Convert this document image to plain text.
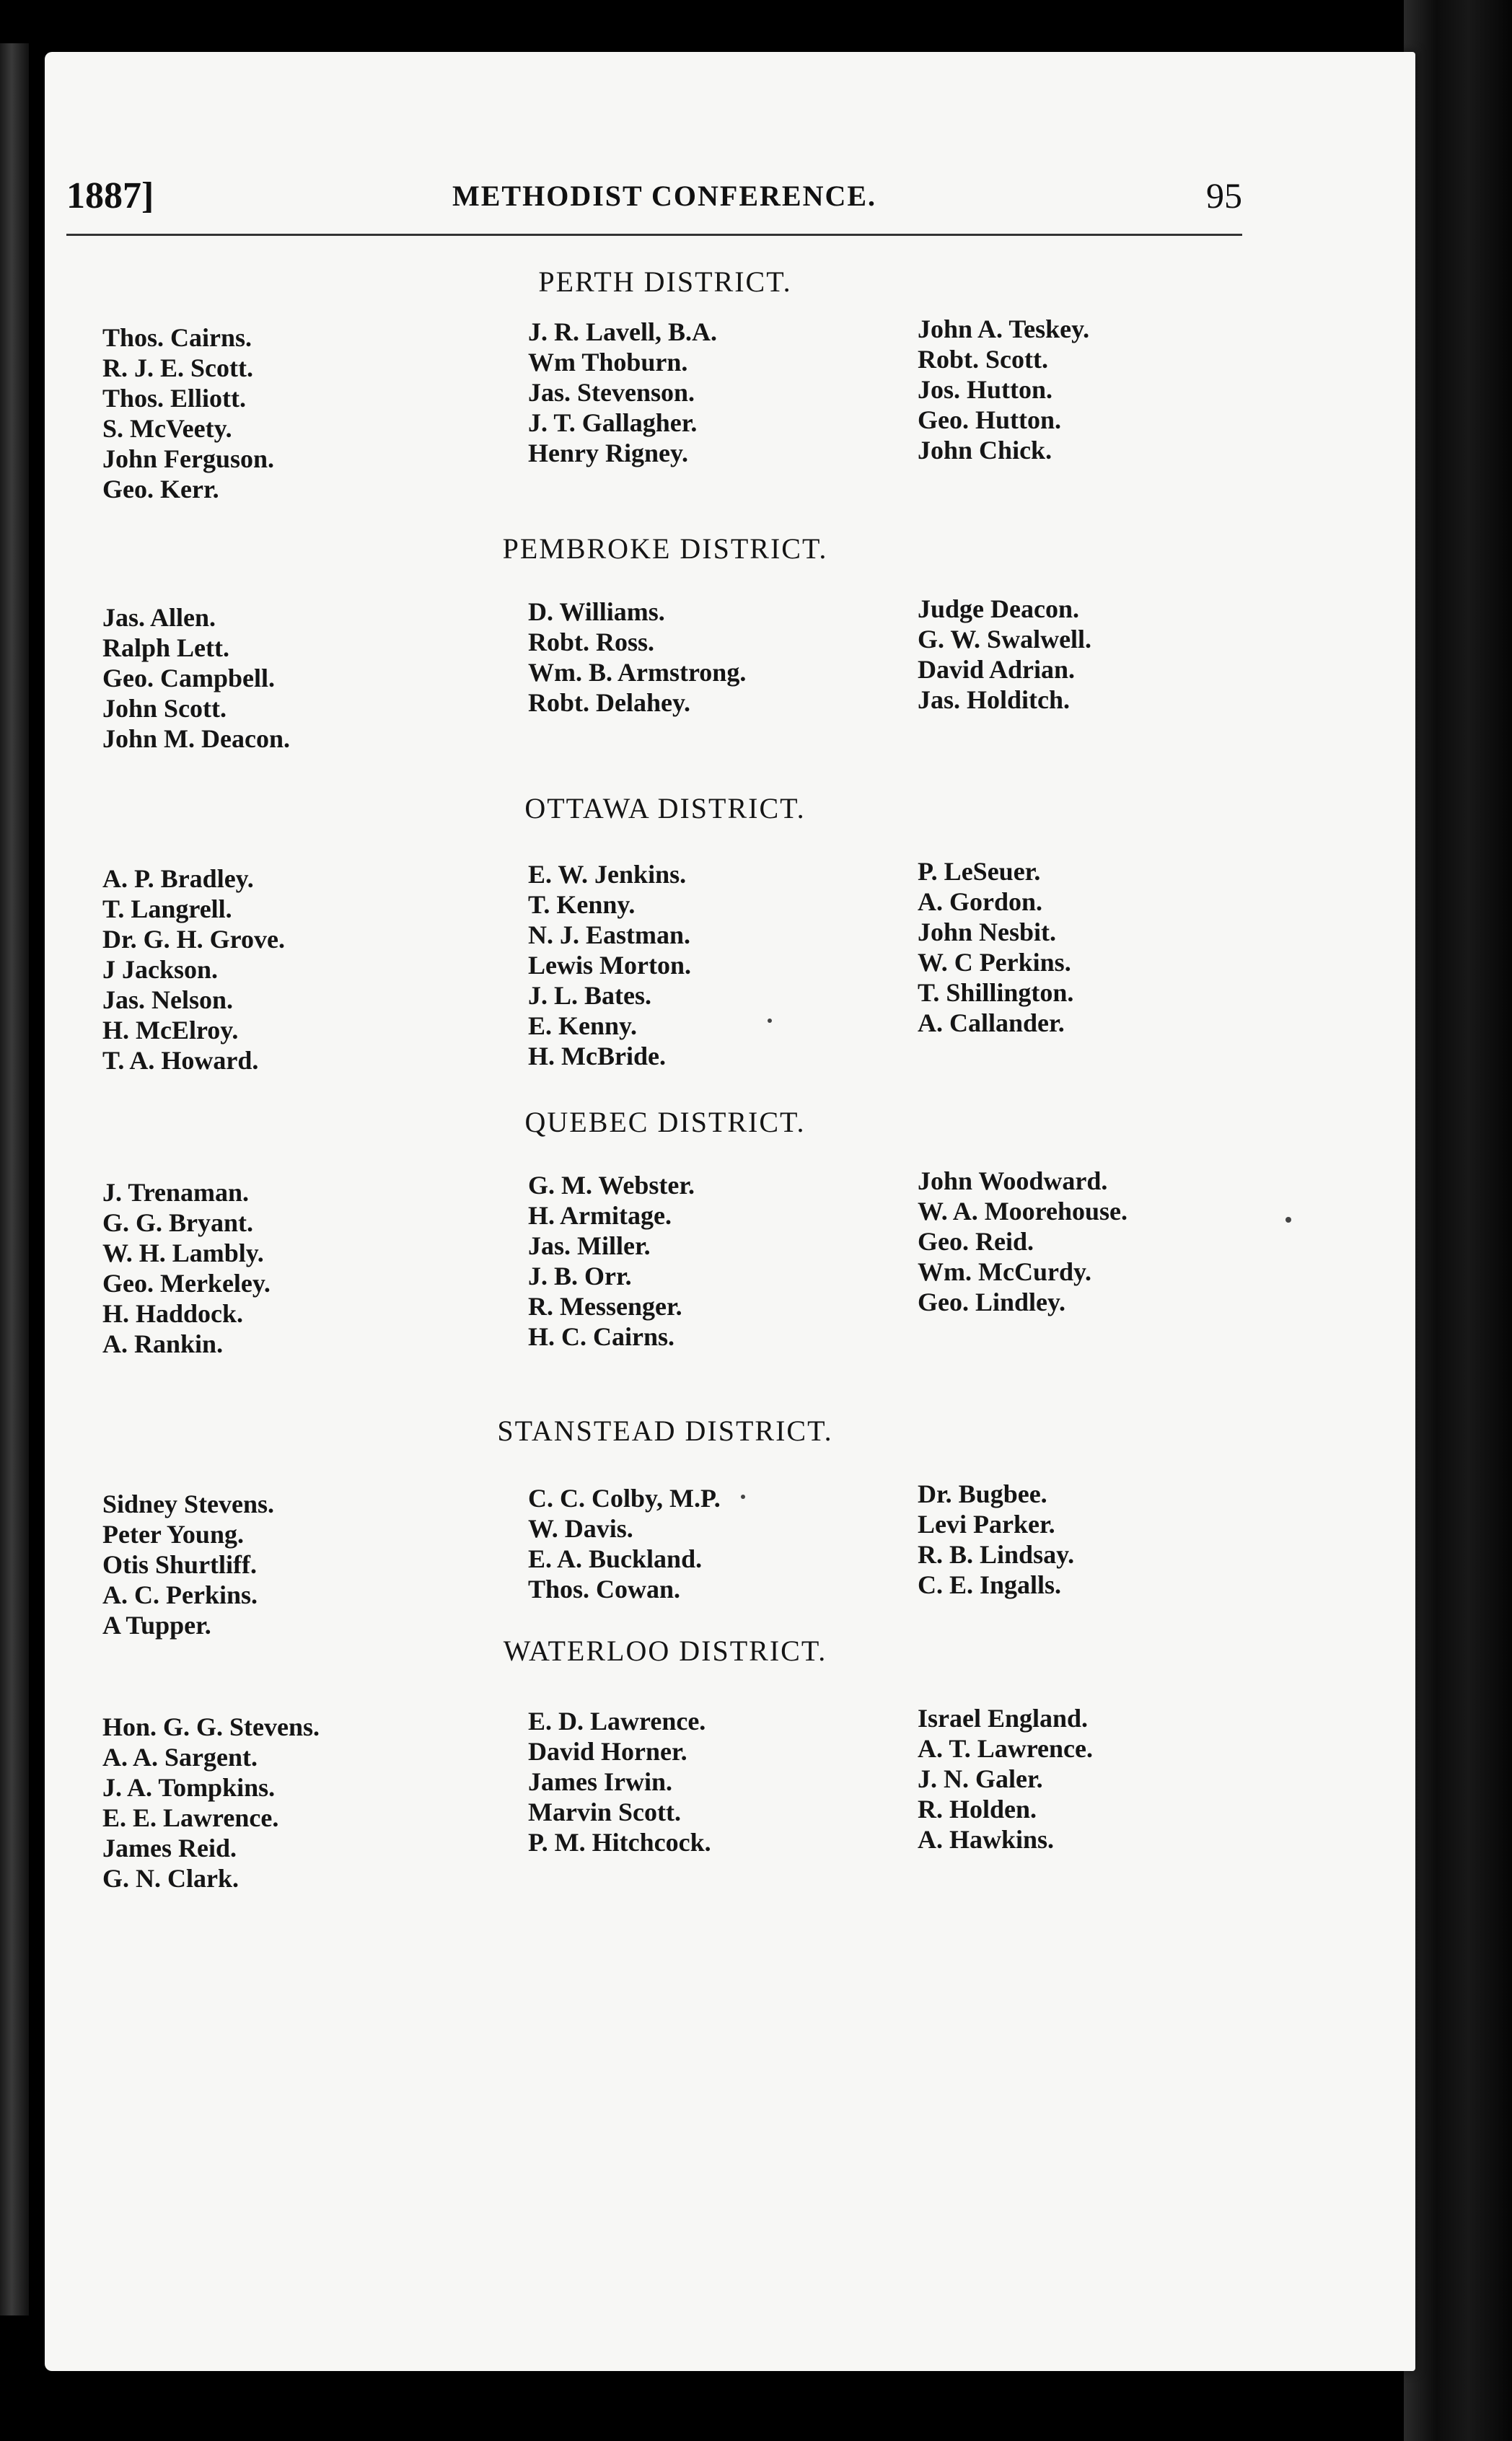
1887]	METHODIST CONFERENCE.	95
PERTH DISTRICT.
Thos. Cairns.
R. J. E. Scott.
Thos. Elliott.
S. McVeety.
John Ferguson.
Geo. Kerr.
J. R. Lavell, B.A.
Wm Thoburn.
Jas. Stevenson.
J. T. Gallagher.
Henry Rigney.
John A. Teskey.
Robt. Scott.
Jos. Hutton.
Geo. Hutton.
John Chick.
PEMBROKE DISTRICT.
Jas. Allen.
Ralph Lett.
Geo. Campbell.
John Scott.
John M. Deacon.
D. Williams.
Robt. Ross.
Wm. B. Armstrong.
Robt. Delahey.
Judge Deacon.
G. W. Swalwell.
David Adrian.
Jas. Holditch.
OTTAWA DISTRICT.
A. P. Bradley.
T. Langrell.
Dr. G. H. Grove.
J Jackson.
Jas. Nelson.
H. McElroy.
T. A. Howard.
E. W. Jenkins.
T. Kenny.
N. J. Eastman.
Lewis Morton.
J. L. Bates.
E. Kenny.
H. McBride.
P. LeSeuer.
A. Gordon.
John Nesbit.
W. C Perkins.
T. Shillington.
A. Callander.
QUEBEC DISTRICT.
J. Trenaman.
G. G. Bryant.
W. H. Lambly.
Geo. Merkeley.
H. Haddock.
A. Rankin.
G. M. Webster.
H. Armitage.
Jas. Miller.
J. B. Orr.
R. Messenger.
H. C. Cairns.
John Woodward.
W. A. Moorehouse.
Geo. Reid.
Wm. McCurdy.
Geo. Lindley.
STANSTEAD DISTRICT.
Sidney Stevens.
Peter Young.
Otis Shurtliff.
A. C. Perkins.
A Tupper.
C. C. Colby, M.P.
W. Davis.
E. A. Buckland.
Thos. Cowan.
Dr. Bugbee.
Levi Parker.
R. B. Lindsay.
C. E. Ingalls.
WATERLOO DISTRICT.
Hon. G. G. Stevens.
A. A. Sargent.
J. A. Tompkins.
E. E. Lawrence.
James Reid.
G. N. Clark.
E. D. Lawrence.
David Horner.
James Irwin.
Marvin Scott.
P. M. Hitchcock.
Israel England.
A. T. Lawrence.
J. N. Galer.
R. Holden.
A. Hawkins.
